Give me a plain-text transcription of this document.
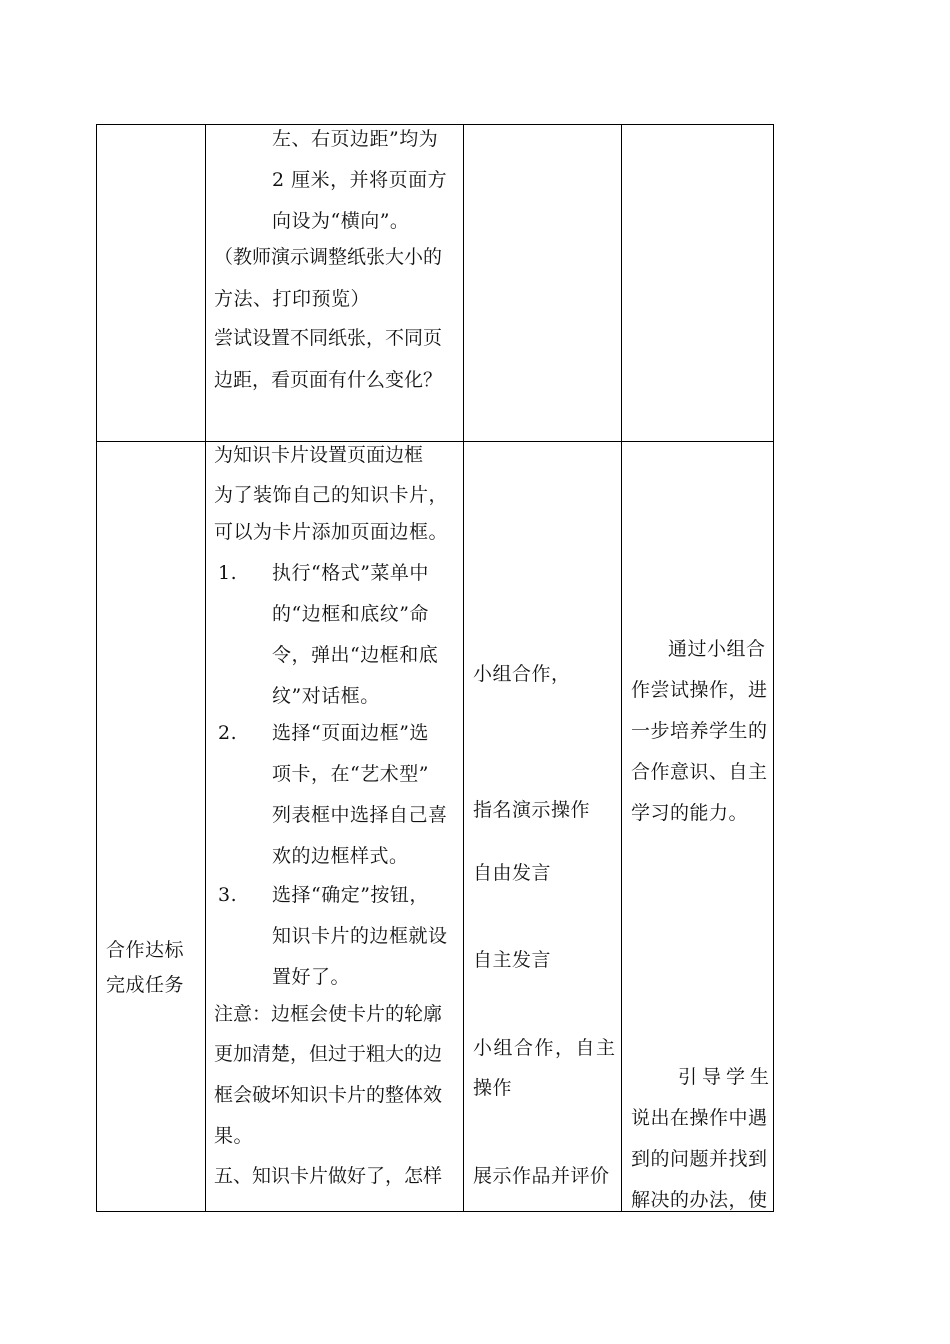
左、右页边距”均为
2 厘米，并将页面方
向设为“横向”。
（教师演示调整纸张大小的
方法、打印预览）
尝试设置不同纸张，不同页
边距，看页面有什么变化？
合作达标
完成任务
为知识卡片设置页面边框
为了装饰自己的知识卡片，
可以为卡片添加页面边框。
1. 执行“格式”菜单中
的“边框和底纹”命
令，弹出“边框和底
纹”对话框。
2. 选择“页面边框”选
项卡，在“艺术型”
列表框中选择自己喜
欢的边框样式。
3. 选择“确定”按钮，
知识卡片的边框就设
置好了。
注意：边框会使卡片的轮廓
更加清楚，但过于粗大的边
框会破坏知识卡片的整体效
果。
五、知识卡片做好了，怎样
小组合作，
指名演示操作
自由发言
自主发言
小组合作，自主
操作
展示作品并评价
通过小组合
作尝试操作，进
一步培养学生的
合作意识、自主
学习的能力。
引导学生
说出在操作中遇
到的问题并找到
解决的办法，使
